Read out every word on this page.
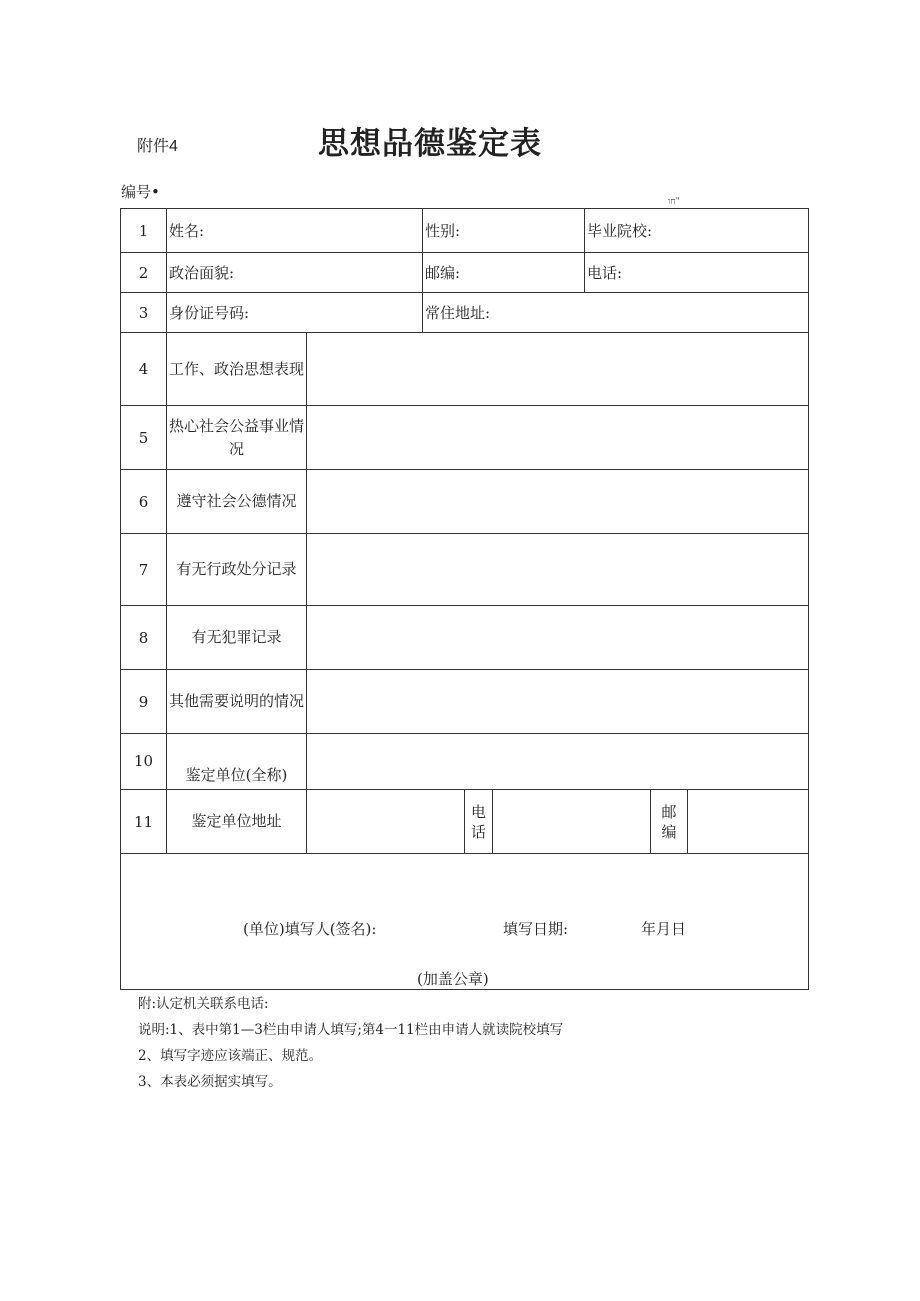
附件4	思想品德鉴定表
编号•
חו"
1	姓名:		性别:			毕业院校:		
2	政治面貌:		邮编:			电话:		
3	身份证号码:		常住地址:					
4	工作、政治思想表现							
5	热心社会公益事业情况							
6	遵守社会公德情况							
7	有无行政处分记录							
8	有无犯罪记录							
9	其他需要说明的情况							
10	鉴定单位(全称)							
11	鉴定单位地址			电话			邮编	

(单位)填写人(签名): 填写日期: 年月日
(加盖公章)								
附:认定机关联系电话:
说明:1、表中第1—3栏由申请人填写;第4一11栏由申请人就读院校填写
2、填写字迹应该端正、规范。
3、本表必须据实填写。
